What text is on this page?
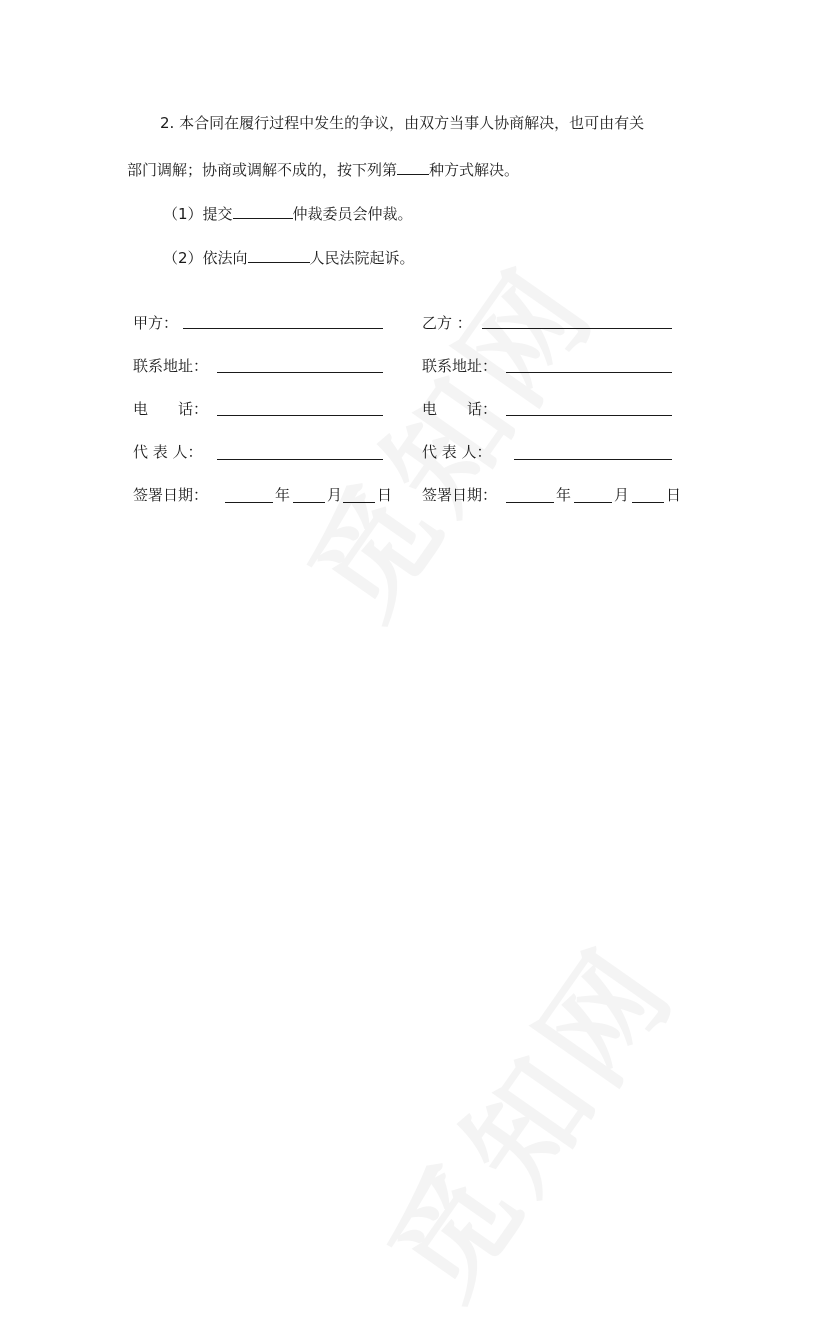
2. 本合同在履行过程中发生的争议，由双方当事人协商解决，也可由有关
部门调解；协商或调解不成的，按下列第 种方式解决。
（1）提交	仲裁委员会仲裁。
（2）依法向	人民法院起诉。
甲方：
联系地址：
电　　话：
代 表 人：
签署日期：	年 月 日
乙方 ：
联系地址：
电　　话：
代 表 人：
签署日期：	年	月 日
